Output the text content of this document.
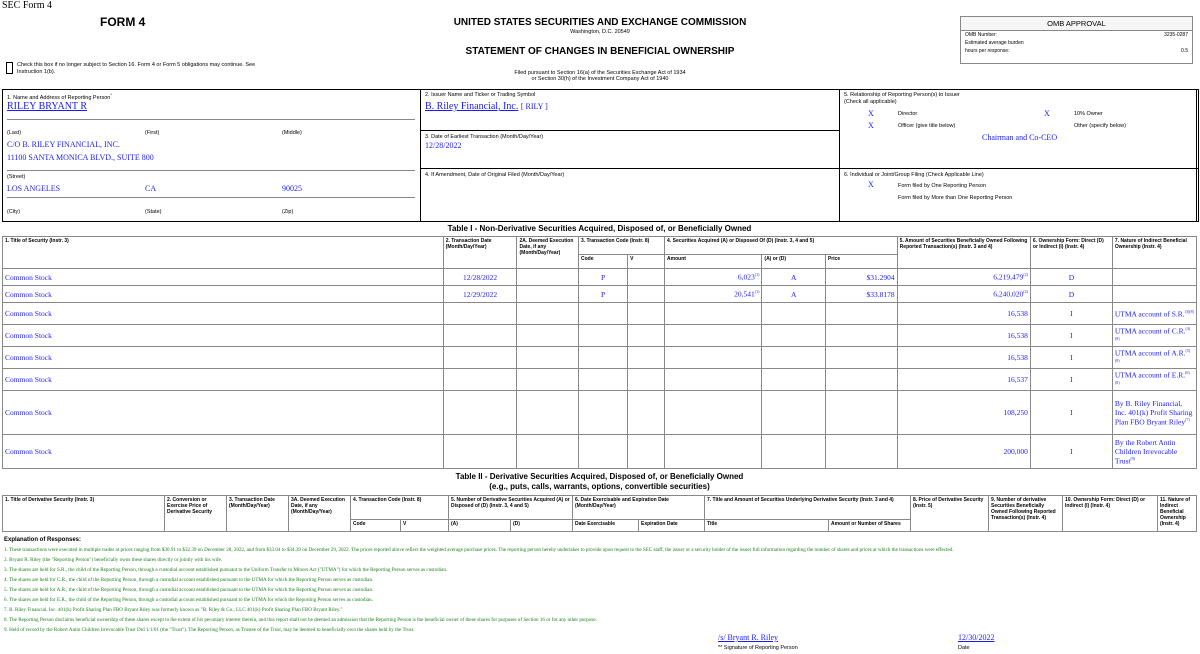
SEC Form 4
FORM 4
Check this box if no longer subject to Section 16. Form 4 or Form 5 obligations may continue. See Instruction 1(b).
UNITED STATES SECURITIES AND EXCHANGE COMMISSION
Washington, D.C. 20549
STATEMENT OF CHANGES IN BENEFICIAL OWNERSHIP
Filed pursuant to Section 16(a) of the Securities Exchange Act of 1934
or Section 30(h) of the Investment Company Act of 1940
OMB APPROVAL
OMB Number:	3235-0287
Estimated average burden
hours per response:	0.5
1. Name and Address of Reporting Person*
RILEY BRYANT R
(Last)	(First)	(Middle)
C/O B. RILEY FINANCIAL, INC.
11100 SANTA MONICA BLVD., SUITE 800
(Street)
LOS ANGELES	CA	90025
(City)	(State)	(Zip)
2. Issuer Name and Ticker or Trading Symbol
B. Riley Financial, Inc. [ RILY ]
3. Date of Earliest Transaction (Month/Day/Year)
12/28/2022
4. If Amendment, Date of Original Filed (Month/Day/Year)
5. Relationship of Reporting Person(s) to Issuer
(Check all applicable)
X	Director	X	10% Owner
X	Officer (give title below)	Other (specify below)
Chairman and Co-CEO
6. Individual or Joint/Group Filing (Check Applicable Line)
X	Form filed by One Reporting Person
Form filed by More than One Reporting Person
Table I - Non-Derivative Securities Acquired, Disposed of, or Beneficially Owned
1. Title of Security (Instr. 3)	2. Transaction Date (Month/Day/Year)	2A. Deemed Execution Date, if any (Month/Day/Year)	3. Transaction Code (Instr. 8)		4. Securities Acquired (A) or Disposed Of (D) (Instr. 3, 4 and 5)			5. Amount of Securities Beneficially Owned Following Reported Transaction(s) (Instr. 3 and 4)	6. Ownership Form: Direct (D) or Indirect (I) (Instr. 4)	7. Nature of Indirect Beneficial Ownership (Instr. 4)
			Code	V	Amount	(A) or (D)	Price			
Common Stock	12/28/2022		P		6,023$^{(1)}$	A	$31.2904	6,219,479$^{(2)}$	D	
Common Stock	12/29/2022		P		20,541$^{(1)}$	A	$33.8178	6,240,020$^{(2)}$	D	
Common Stock								16,538	I	UTMA account of S.R.$^{(3)(8)}$
Common Stock								16,538	I	UTMA account of C.R.$^{(4)(8)}$
Common Stock								16,538	I	UTMA account of A.R.$^{(5)(8)}$
Common Stock								16,537	I	UTMA account of E.R.$^{(6)(8)}$
Common Stock								108,250	I	By B. Riley Financial, Inc. 401(k) Profit Sharing Plan FBO Bryant Riley$^{(7)}$
Common Stock								200,000	I	By the Robert Antin Children Irrevocable Trust$^{(9)}$
Table II - Derivative Securities Acquired, Disposed of, or Beneficially Owned
(e.g., puts, calls, warrants, options, convertible securities)
1. Title of Derivative Security (Instr. 3)	2. Conversion or Exercise Price of Derivative Security	3. Transaction Date (Month/Day/Year)	3A. Deemed Execution Date, if any (Month/Day/Year)	4. Transaction Code (Instr. 8)		5. Number of Derivative Securities Acquired (A) or Disposed of (D) (Instr. 3, 4 and 5)		6. Date Exercisable and Expiration Date (Month/Day/Year)		7. Title and Amount of Securities Underlying Derivative Security (Instr. 3 and 4)		8. Price of Derivative Security (Instr. 5)	9. Number of derivative Securities Beneficially Owned Following Reported Transaction(s) (Instr. 4)	10. Ownership Form: Direct (D) or Indirect (I) (Instr. 4)	11. Nature of Indirect Beneficial Ownership (Instr. 4)
				Code	V	(A)	(D)	Date Exercisable	Expiration Date	Title	Amount or Number of Shares				
Explanation of Responses:
1. These transactions were executed in multiple trades at prices ranging from $30.91 to $32.39 on December 28, 2022, and from $33.04 to $34.39 on December 29, 2022. The prices reported above reflect the weighted average purchase prices. The reporting person hereby undertakes to provide upon request to the SEC staff, the issuer or a security holder of the issuer full information regarding the number of shares and prices at which the transactions were effected.
2. Bryant R. Riley (the "Reporting Person") beneficially owns these shares directly or jointly with his wife.
3. The shares are held for S.R., the child of the Reporting Person, through a custodial account established pursuant to the Uniform Transfer to Minors Act ("UTMA") for which the Reporting Person serves as custodian.
4. The shares are held for C.R., the child of the Reporting Person, through a custodial account established pursuant to the UTMA for which the Reporting Person serves as custodian.
5. The shares are held for A.R., the child of the Reporting Person, through a custodial account established pursuant to the UTMA for which the Reporting Person serves as custodian.
6. The shares are held for E.R., the child of the Reporting Person, through a custodial account established pursuant to the UTMA for which the Reporting Person serves as custodian.
7. B. Riley Financial, Inc. 401(k) Profit Sharing Plan FBO Bryant Riley was formerly known as "B. Riley & Co., LLC 401(k) Profit Sharing Plan FBO Bryant Riley."
8. The Reporting Person disclaims beneficial ownership of these shares except to the extent of his pecuniary interest therein, and this report shall not be deemed an admission that the Reporting Person is the beneficial owner of these shares for purposes of Section 16 or for any other purpose.
9. Held of record by the Robert Antin Children Irrevocable Trust Dtd 1/1/01 (the "Trust"). The Reporting Person, as Trustee of the Trust, may be deemed to beneficially own the shares held by the Trust.
/s/ Bryant R. Riley
** Signature of Reporting Person
12/30/2022
Date
